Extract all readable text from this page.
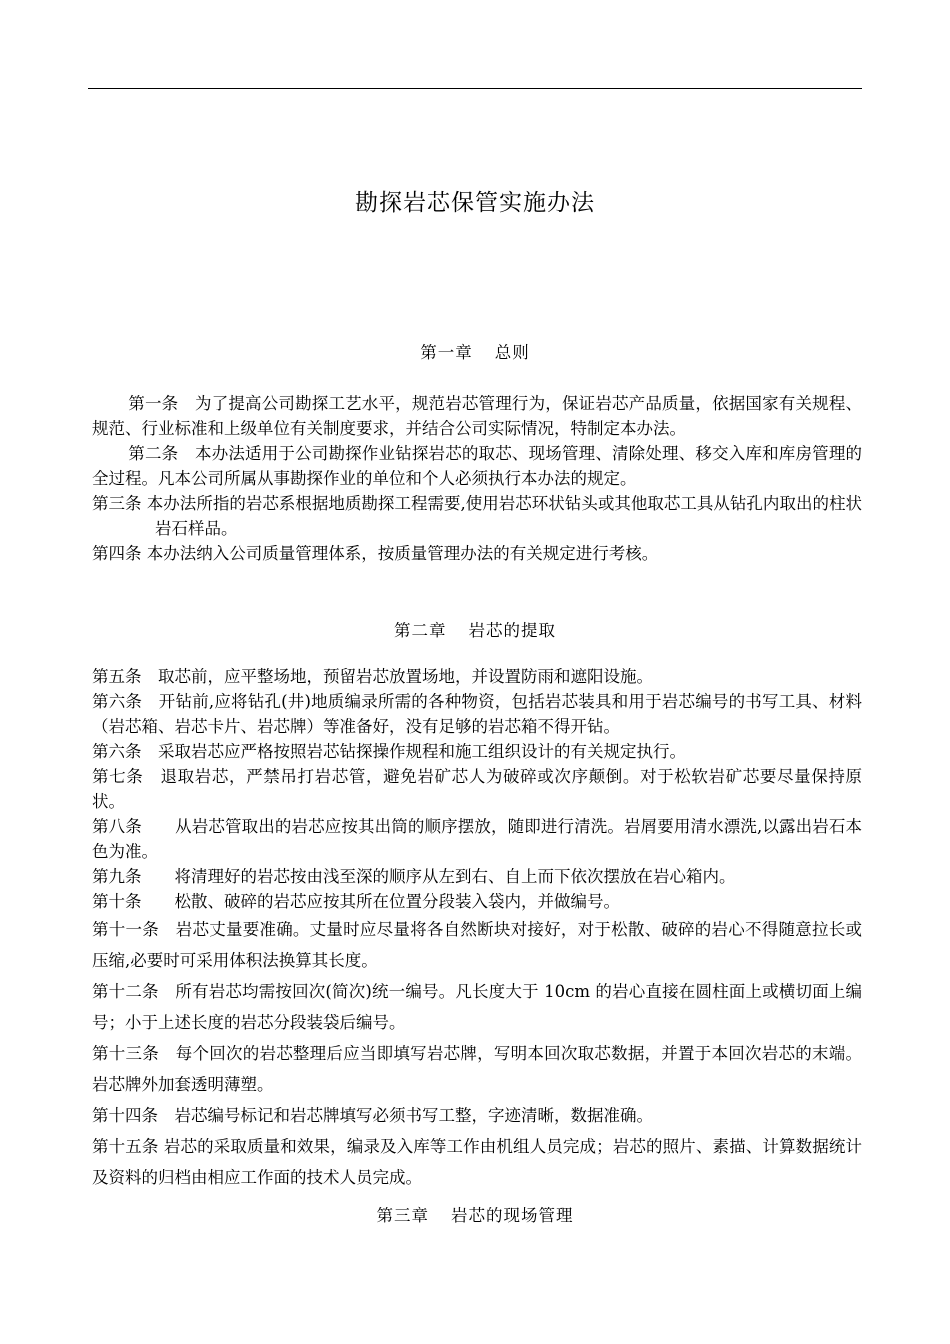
勘探岩芯保管实施办法
第一章 总则

第一条　为了提高公司勘探工艺水平，规范岩芯管理行为，保证岩芯产品质量，依据国家有关规程、规范、行业标准和上级单位有关制度要求，并结合公司实际情况，特制定本办法。

第二条　本办法适用于公司勘探作业钻探岩芯的取芯、现场管理、清除处理、移交入库和库房管理的全过程。凡本公司所属从事勘探作业的单位和个人必须执行本办法的规定。

第三条 本办法所指的岩芯系根据地质勘探工程需要,使用岩芯环状钻头或其他取芯工具从钻孔内取出的柱状岩石样品。

第四条 本办法纳入公司质量管理体系，按质量管理办法的有关规定进行考核。

第二章 岩芯的提取

第五条　取芯前，应平整场地，预留岩芯放置场地，并设置防雨和遮阳设施。

第六条　开钻前,应将钻孔(井)地质编录所需的各种物资，包括岩芯装具和用于岩芯编号的书写工具、材料（岩芯箱、岩芯卡片、岩芯牌）等准备好，没有足够的岩芯箱不得开钻。

第六条　采取岩芯应严格按照岩芯钻探操作规程和施工组织设计的有关规定执行。

第七条　退取岩芯，严禁吊打岩芯管，避免岩矿芯人为破碎或次序颠倒。对于松软岩矿芯要尽量保持原状。

第八条　　从岩芯管取出的岩芯应按其出筒的顺序摆放，随即进行清洗。岩屑要用清水漂洗,以露出岩石本色为准。

第九条　　将清理好的岩芯按由浅至深的顺序从左到右、自上而下依次摆放在岩心箱内。

第十条　　松散、破碎的岩芯应按其所在位置分段装入袋内，并做编号。

第十一条　岩芯丈量要准确。丈量时应尽量将各自然断块对接好，对于松散、破碎的岩心不得随意拉长或压缩,必要时可采用体积法换算其长度。

第十二条　所有岩芯均需按回次(简次)统一编号。凡长度大于 10cm 的岩心直接在圆柱面上或横切面上编号；小于上述长度的岩芯分段装袋后编号。

第十三条　每个回次的岩芯整理后应当即填写岩芯牌，写明本回次取芯数据，并置于本回次岩芯的末端。岩芯牌外加套透明薄塑。

第十四条　岩芯编号标记和岩芯牌填写必须书写工整，字迹清晰，数据准确。

第十五条 岩芯的采取质量和效果，编录及入库等工作由机组人员完成；岩芯的照片、素描、计算数据统计及资料的归档由相应工作面的技术人员完成。

第三章 岩芯的现场管理
